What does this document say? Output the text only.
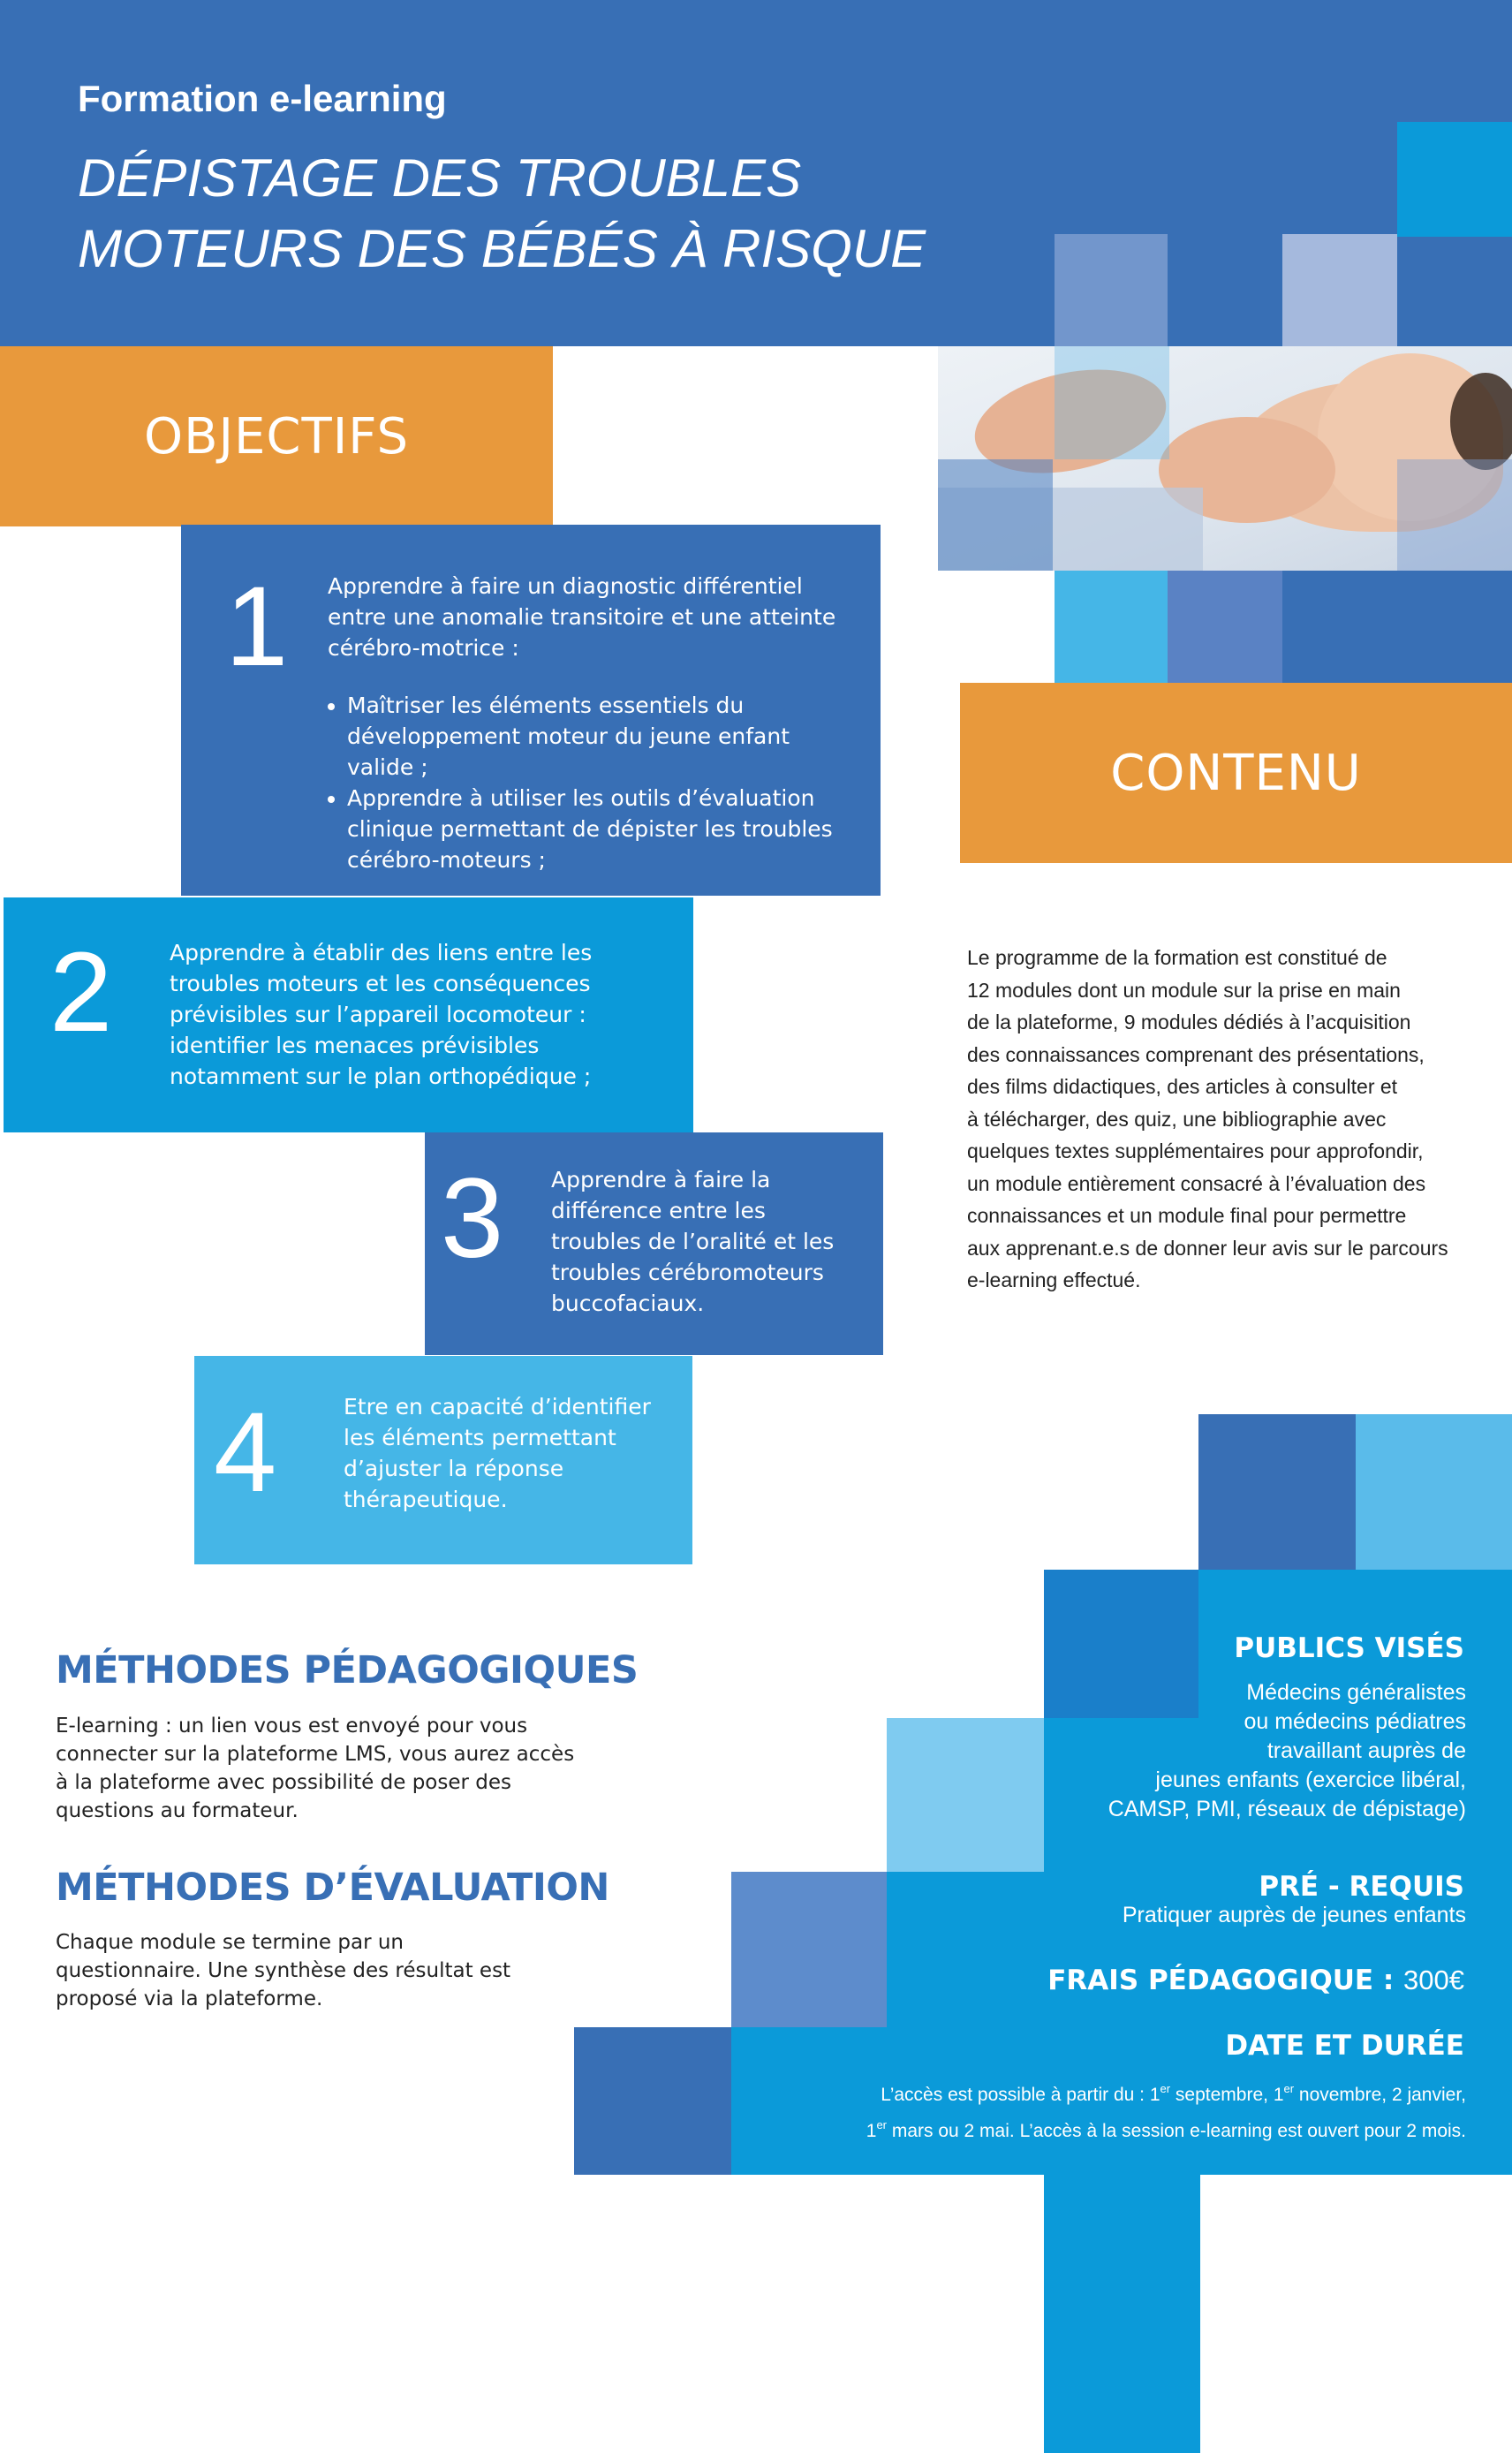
Formation e-learning
DÉPISTAGE DES TROUBLES
MOTEURS DES BÉBÉS À RISQUE
OBJECTIFS
1 Apprendre à faire un diagnostic différentiel entre une anomalie transitoire et une atteinte cérébro-motrice :
• Maîtriser les éléments essentiels du développement moteur du jeune enfant valide ;
• Apprendre à utiliser les outils d’évaluation clinique permettant de dépister les troubles cérébro-moteurs ;
2	Apprendre à établir des liens entre les troubles moteurs et les conséquences prévisibles sur l’appareil locomoteur : identifier les menaces prévisibles notamment sur le plan orthopédique ;
3 Apprendre à faire la différence entre les troubles de l’oralité et les troubles cérébromoteurs buccofaciaux.
4	Etre en capacité d’identifier les éléments permettant d’ajuster la réponse thérapeutique.
CONTENU

Le programme de la formation est constitué de

12 modules dont un module sur la prise en main

de la plateforme, 9 modules dédiés à l’acquisition

des connaissances comprenant des présentations,

des films didactiques, des articles à consulter et

à télécharger, des quiz, une bibliographie avec

quelques textes supplémentaires pour approfondir,

un module entièrement consacré à l’évaluation des

connaissances et un module final pour permettre

aux apprenant.e.s de donner leur avis sur le parcours

e-learning effectué.

MÉTHODES PÉDAGOGIQUES
E-learning : un lien vous est envoyé pour vous connecter sur la plateforme LMS, vous aurez accès à la plateforme avec possibilité de poser des questions au formateur.
MÉTHODES D’ÉVALUATION
Chaque module se termine par un questionnaire. Une synthèse des résultat est proposé via la plateforme.
PUBLICS VISÉS
Médecins généralistes
ou médecins pédiatres
travaillant auprès de
jeunes enfants (exercice libéral,
CAMSP, PMI, réseaux de dépistage)
PRÉ - REQUIS
Pratiquer auprès de jeunes enfants
FRAIS PÉDAGOGIQUE : 300€
DATE ET DURÉE
L’accès est possible à partir du : 1er septembre, 1er novembre, 2 janvier,
1er mars ou 2 mai. L’accès à la session e-learning est ouvert pour 2 mois.
